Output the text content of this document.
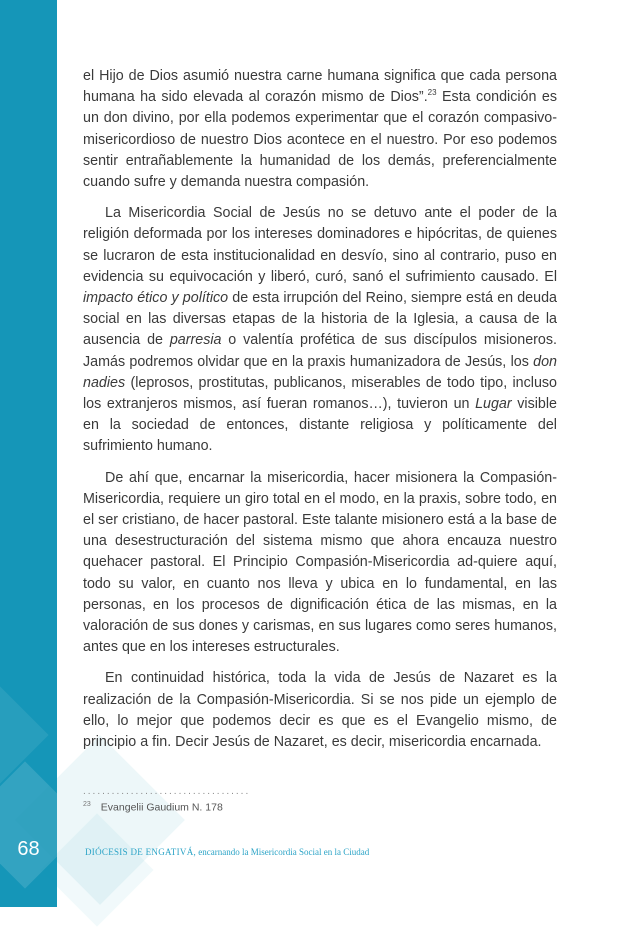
68

el Hijo de Dios asumió nuestra carne humana significa que cada persona humana ha sido elevada al corazón mismo de Dios”.$^{23}$ Esta condición es un don divino, por ella podemos experimentar que el corazón compasivo-misericordioso de nuestro Dios acontece en el nuestro. Por eso podemos sentir entrañablemente la humanidad de los demás, preferencialmente cuando sufre y demanda nuestra compasión.

La Misericordia Social de Jesús no se detuvo ante el poder de la religión deformada por los intereses dominadores e hipócritas, de quienes se lucraron de esta institucionalidad en desvío, sino al contrario, puso en evidencia su equivocación y liberó, curó, sanó el sufrimiento causado. El impacto ético y político de esta irrupción del Reino, siempre está en deuda social en las diversas etapas de la historia de la Iglesia, a causa de la ausencia de parresia o valentía profética de sus discípulos misioneros. Jamás podremos olvidar que en la praxis humanizadora de Jesús, los don nadies (leprosos, prostitutas, publicanos, miserables de todo tipo, incluso los extranjeros mismos, así fueran romanos…), tuvieron un Lugar visible en la sociedad de entonces, distante religiosa y políticamente del sufrimiento humano.

De ahí que, encarnar la misericordia, hacer misionera la Compasión-Misericordia, requiere un giro total en el modo, en la praxis, sobre todo, en el ser cristiano, de hacer pastoral. Este talante misionero está a la base de una desestructuración del sistema mismo que ahora encauza nuestro quehacer pastoral. El Principio Compasión-Misericordia ad-quiere aquí, todo su valor, en cuanto nos lleva y ubica en lo fundamental, en las personas, en los procesos de dignificación ética de las mismas, en la valoración de sus dones y carismas, en sus lugares como seres humanos, antes que en los intereses estructurales.

En continuidad histórica, toda la vida de Jesús de Nazaret es la realización de la Compasión-Misericordia. Si se nos pide un ejemplo de ello, lo mejor que podemos decir es que es el Evangelio mismo, de principio a fin. Decir Jesús de Nazaret, es decir, misericordia encarnada.

...................................
$^{23}$ Evangelii Gaudium N. 178
DIÓCESIS DE ENGATIVÁ, encarnando la Misericordia Social en la Ciudad
